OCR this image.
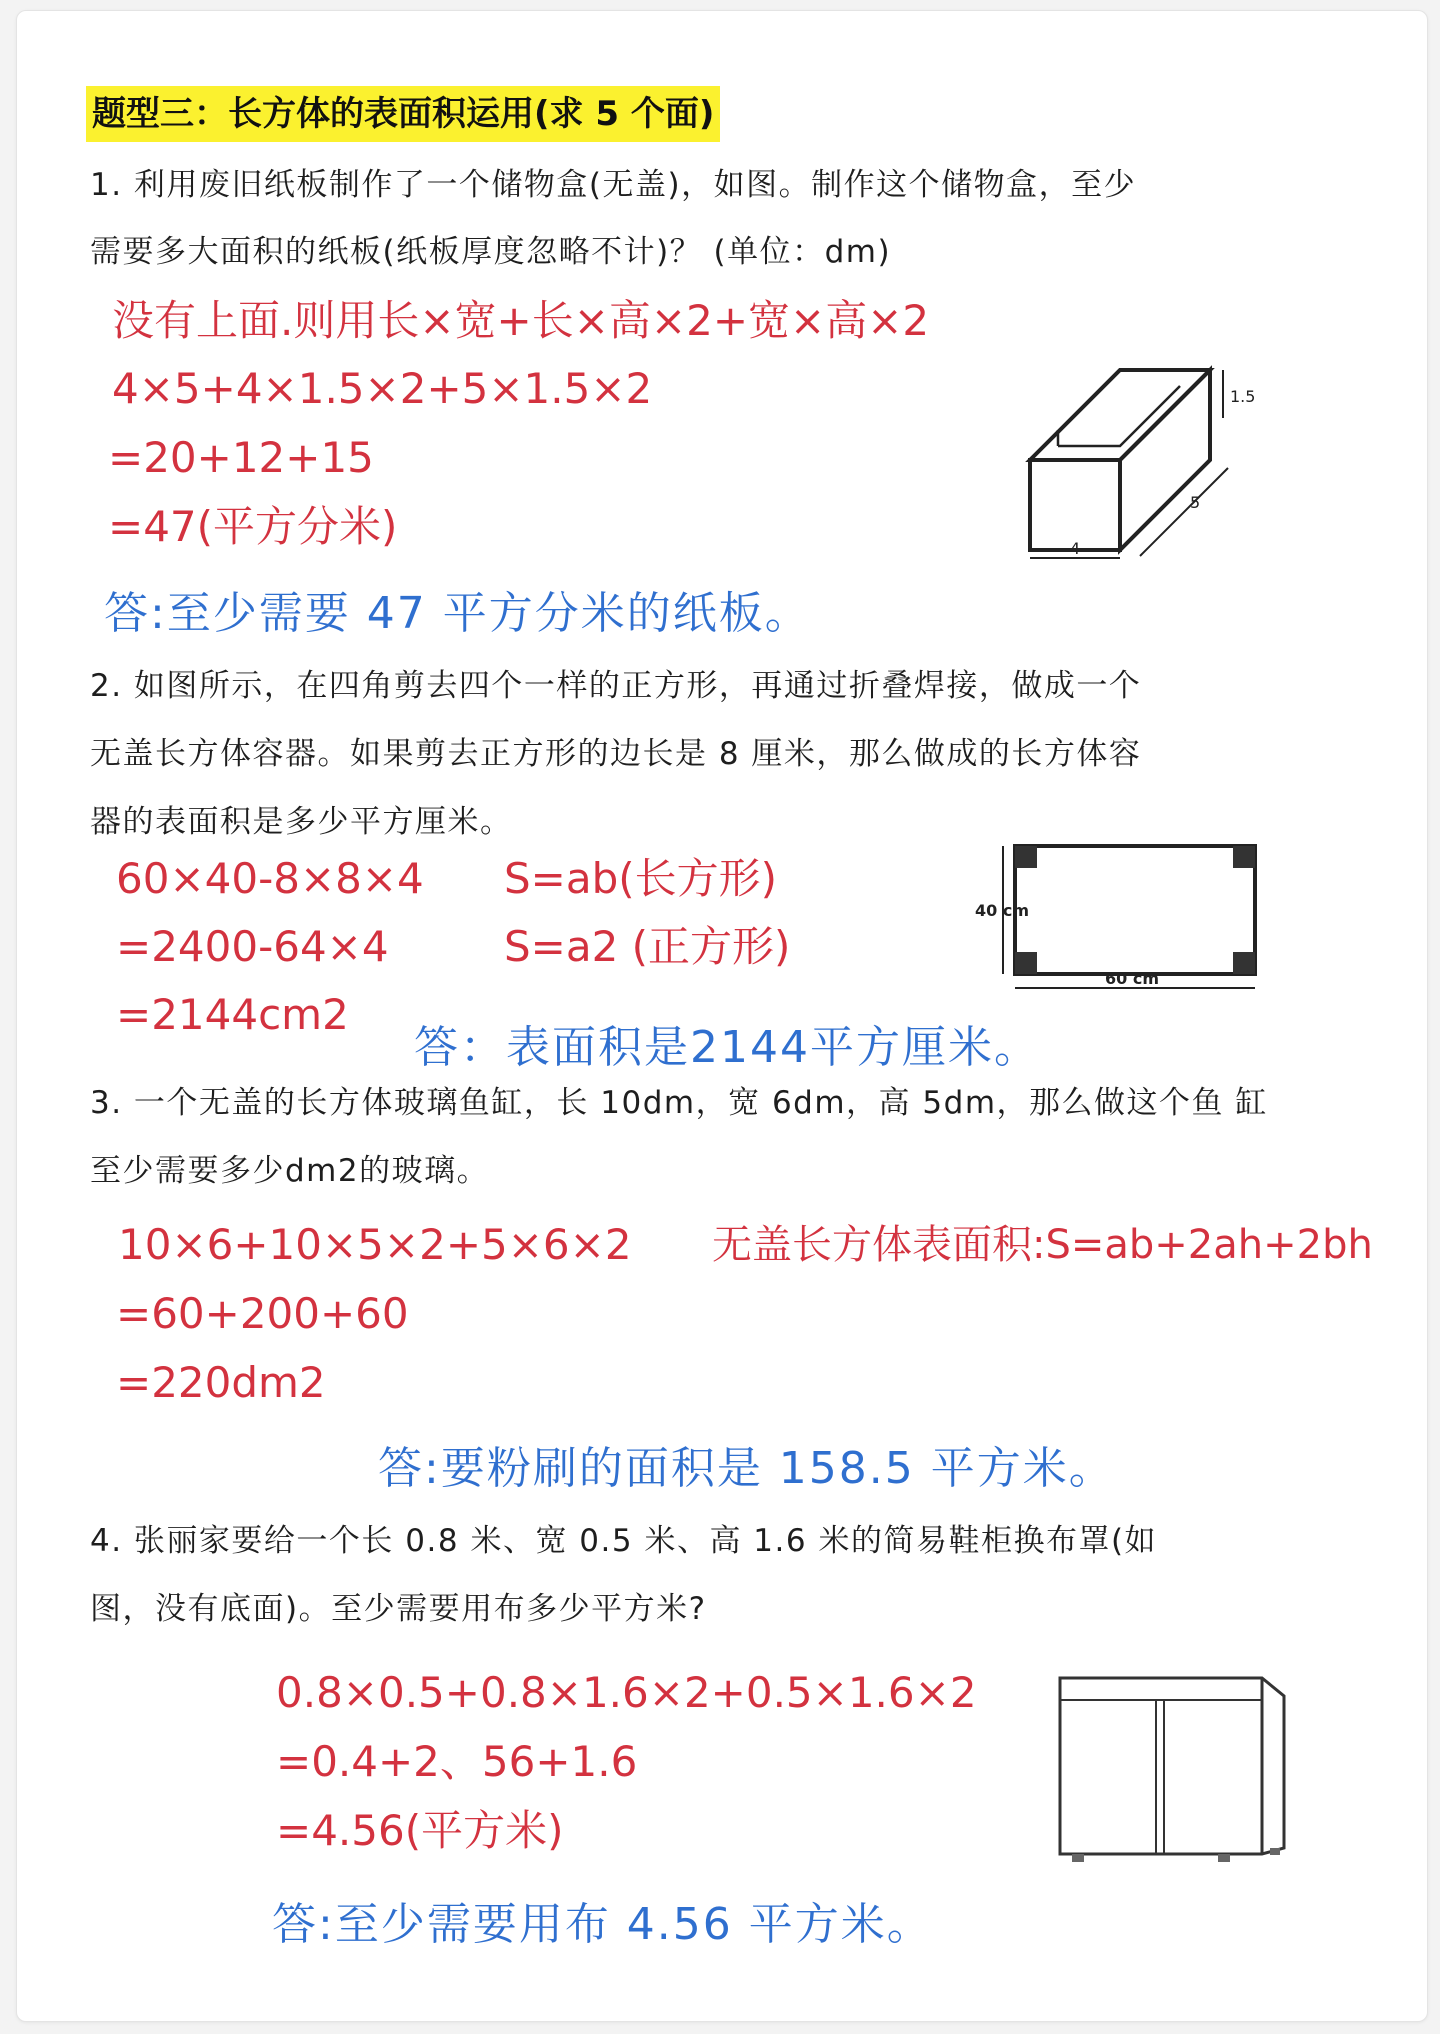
题型三：长方体的表面积运用(求 5 个面)
1. 利用废旧纸板制作了一个储物盒(无盖)，如图。制作这个储物盒，至少
需要多大面积的纸板(纸板厚度忽略不计)？ (单位：dm)
没有上面.则用长×宽+长×高×2+宽×高×2
4×5+4×1.5×2+5×1.5×2
=20+12+15
=47(平方分米)
答:至少需要 47 平方分米的纸板。
1.5
5
4
2. 如图所示，在四角剪去四个一样的正方形，再通过折叠焊接，做成一个
无盖长方体容器。如果剪去正方形的边长是 8 厘米，那么做成的长方体容
器的表面积是多少平方厘米。
60×40-8×8×4
=2400-64×4
=2144cm2
S=ab(长方形)
S=a2 (正方形)
答：表面积是2144平方厘米。
40 cm
60 cm
3. 一个无盖的长方体玻璃鱼缸，长 10dm，宽 6dm，高 5dm，那么做这个鱼 缸
至少需要多少dm2的玻璃。
10×6+10×5×2+5×6×2
=60+200+60
=220dm2
无盖长方体表面积:S=ab+2ah+2bh
答:要粉刷的面积是 158.5 平方米。
4. 张丽家要给一个长 0.8 米、宽 0.5 米、高 1.6 米的简易鞋柜换布罩(如
图，没有底面)。至少需要用布多少平方米?
0.8×0.5+0.8×1.6×2+0.5×1.6×2
=0.4+2、56+1.6
=4.56(平方米)
答:至少需要用布 4.56 平方米。
